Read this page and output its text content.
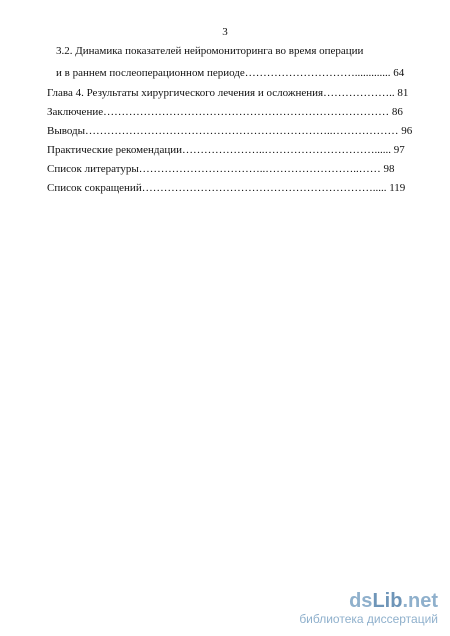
3
3.2. Динамика показателей нейромониторинга во время операции
и в раннем послеоперационном периоде…………………………............. 64
Глава 4. Результаты хирургического лечения и осложнения……………….. 81
Заключение…………………………………………………………………… 86
Выводы…………………………………………………………..……………… 96
Практические рекомендации…………………..…………………………...... 97
Список литературы……………………………..……………………..…… 98
Список сокращений………………………………………………………..... 119
dsLib.net
библиотека диссертаций
